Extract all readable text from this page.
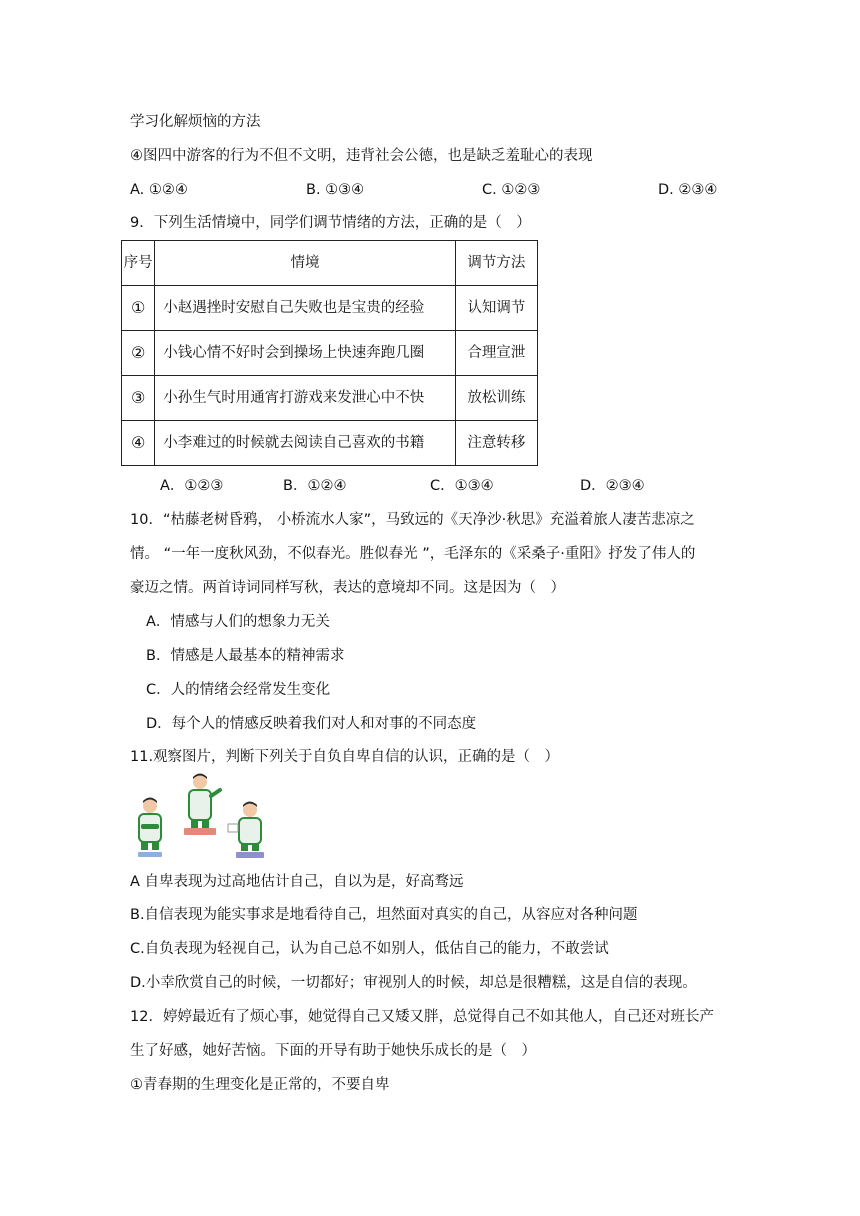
学习化解烦恼的方法
④图四中游客的行为不但不文明，违背社会公德，也是缺乏羞耻心的表现
A. ①②④	B. ①③④	C. ①②③	D. ②③④
9．下列生活情境中，同学们调节情绪的方法，正确的是（　）
序号	情境	调节方法
①	小赵遇挫时安慰自己失败也是宝贵的经验	认知调节
②	小钱心情不好时会到操场上快速奔跑几圈	合理宣泄
③	小孙生气时用通宵打游戏来发泄心中不快	放松训练
④	小李难过的时候就去阅读自己喜欢的书籍	注意转移
A．①②③	B．①②④	C．①③④	D．②③④
10．“枯藤老树昏鸦， 小桥流水人家”，马致远的《天净沙·秋思》充溢着旅人凄苦悲凉之
情。 “一年一度秋风劲，不似春光。胜似春光 ”，毛泽东的《采桑子·重阳》抒发了伟人的
豪迈之情。两首诗词同样写秋，表达的意境却不同。这是因为（　）
A．情感与人们的想象力无关
B．情感是人最基本的精神需求
C．人的情绪会经常发生变化
D．每个人的情感反映着我们对人和对事的不同态度
11.观察图片，判断下列关于自负自卑自信的认识，正确的是（　）
A 自卑表现为过高地估计自己，自以为是，好高骛远
B.自信表现为能实事求是地看待自己，坦然面对真实的自己，从容应对各种问题
C.自负表现为轻视自己，认为自己总不如别人，低估自己的能力，不敢尝试
D.小幸欣赏自己的时候，一切都好；审视别人的时候，却总是很糟糕，这是自信的表现。
12．婷婷最近有了烦心事，她觉得自己又矮又胖，总觉得自己不如其他人，自己还对班长产
生了好感，她好苦恼。下面的开导有助于她快乐成长的是（　）
①青春期的生理变化是正常的，不要自卑
